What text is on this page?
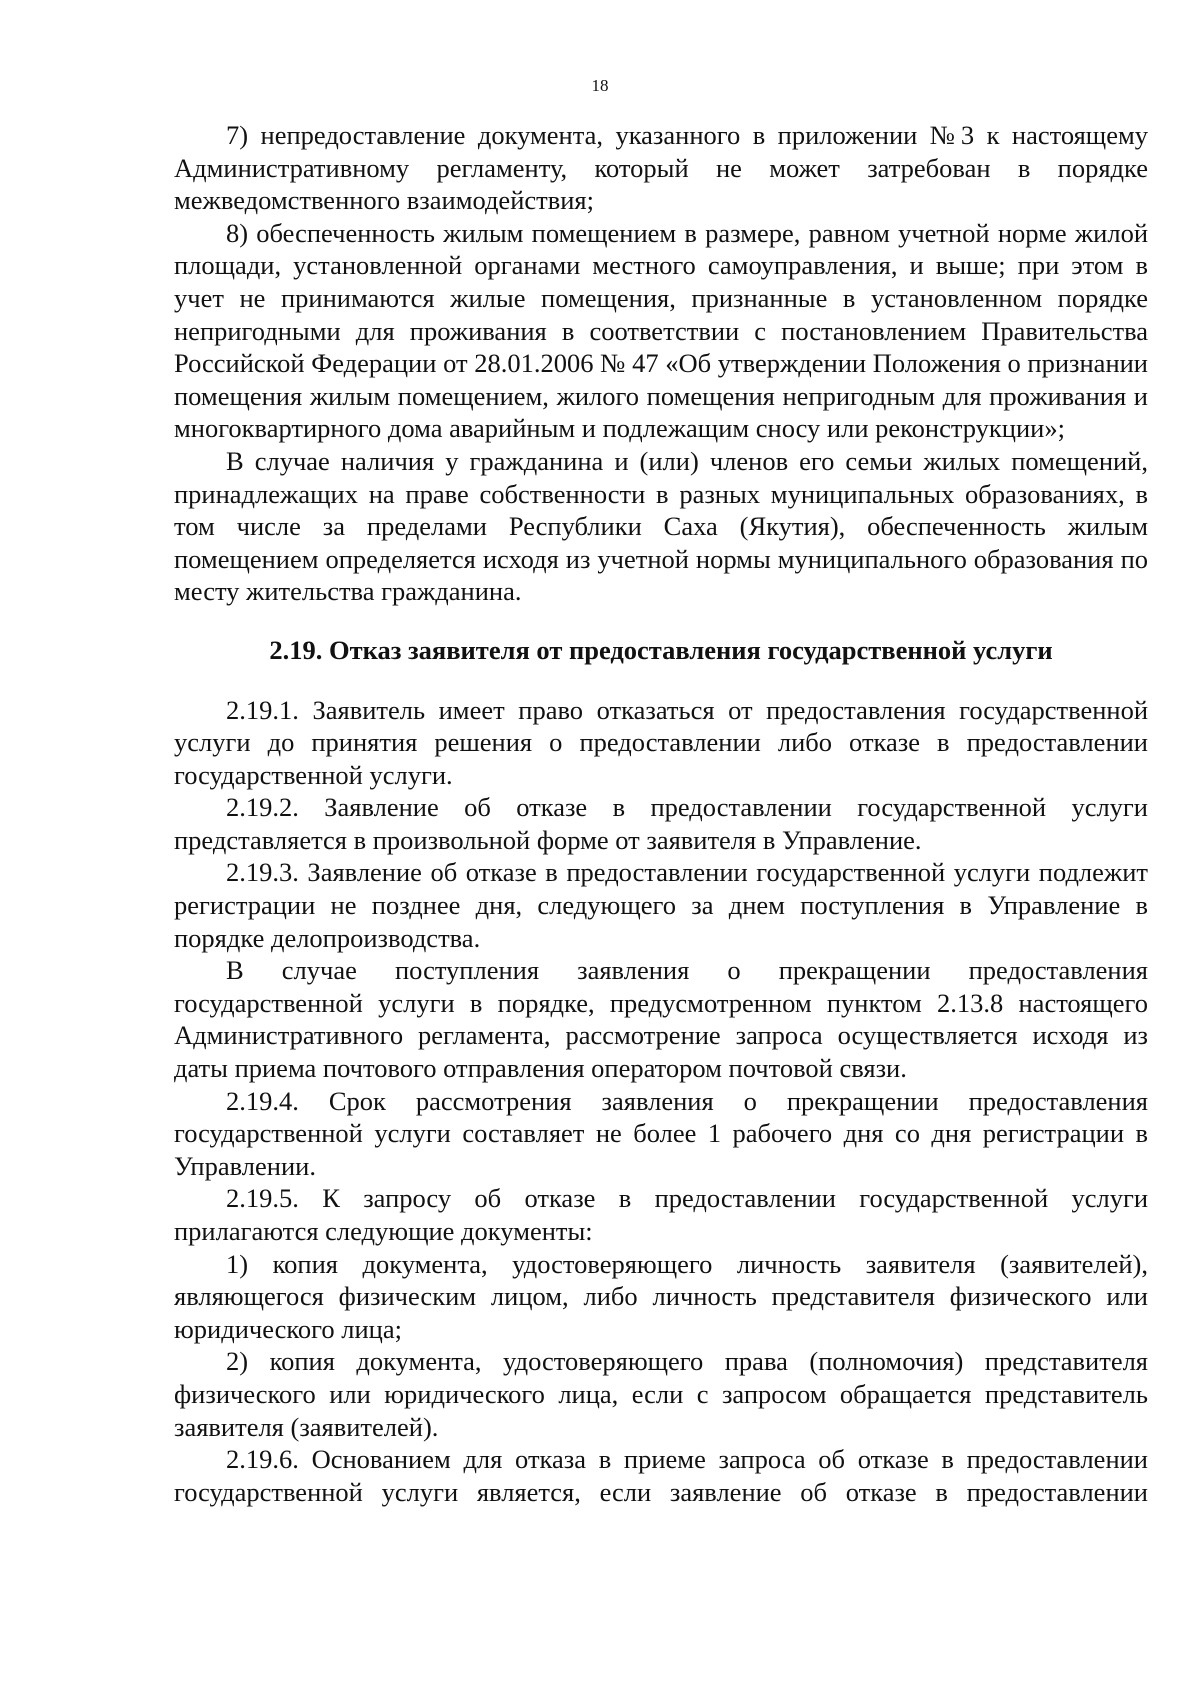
18

7) непредоставление документа, указанного в приложении №3 к настоящему Административному регламенту, который не может затребован в порядке межведомственного взаимодействия;

8) обеспеченность жилым помещением в размере, равном учетной норме жилой площади, установленной органами местного самоуправления, и выше; при этом в учет не принимаются жилые помещения, признанные в установленном порядке непригодными для проживания в соответствии с постановлением Правительства Российской Федерации от 28.01.2006 № 47 «Об утверждении Положения о признании помещения жилым помещением, жилого помещения непригодным для проживания и многоквартирного дома аварийным и подлежащим сносу или реконструкции»;

В случае наличия у гражданина и (или) членов его семьи жилых помещений, принадлежащих на праве собственности в разных муниципальных образованиях, в том числе за пределами Республики Саха (Якутия), обеспеченность жилым помещением определяется исходя из учетной нормы муниципального образования по месту жительства гражданина.

2.19. Отказ заявителя от предоставления государственной услуги

2.19.1. Заявитель имеет право отказаться от предоставления государственной услуги до принятия решения о предоставлении либо отказе в предоставлении государственной услуги.

2.19.2. Заявление об отказе в предоставлении государственной услуги представляется в произвольной форме от заявителя в Управление.

2.19.3. Заявление об отказе в предоставлении государственной услуги подлежит регистрации не позднее дня, следующего за днем поступления в Управление в порядке делопроизводства.

В случае поступления заявления о прекращении предоставления государственной услуги в порядке, предусмотренном пунктом 2.13.8 настоящего Административного регламента, рассмотрение запроса осуществляется исходя из даты приема почтового отправления оператором почтовой связи.

2.19.4. Срок рассмотрения заявления о прекращении предоставления государственной услуги составляет не более 1 рабочего дня со дня регистрации в Управлении.

2.19.5. К запросу об отказе в предоставлении государственной услуги прилагаются следующие документы:

1) копия документа, удостоверяющего личность заявителя (заявителей), являющегося физическим лицом, либо личность представителя физического или юридического лица;

2) копия документа, удостоверяющего права (полномочия) представителя физического или юридического лица, если с запросом обращается представитель заявителя (заявителей).

2.19.6. Основанием для отказа в приеме запроса об отказе в предоставлении государственной услуги является, если заявление об отказе в предоставлении
